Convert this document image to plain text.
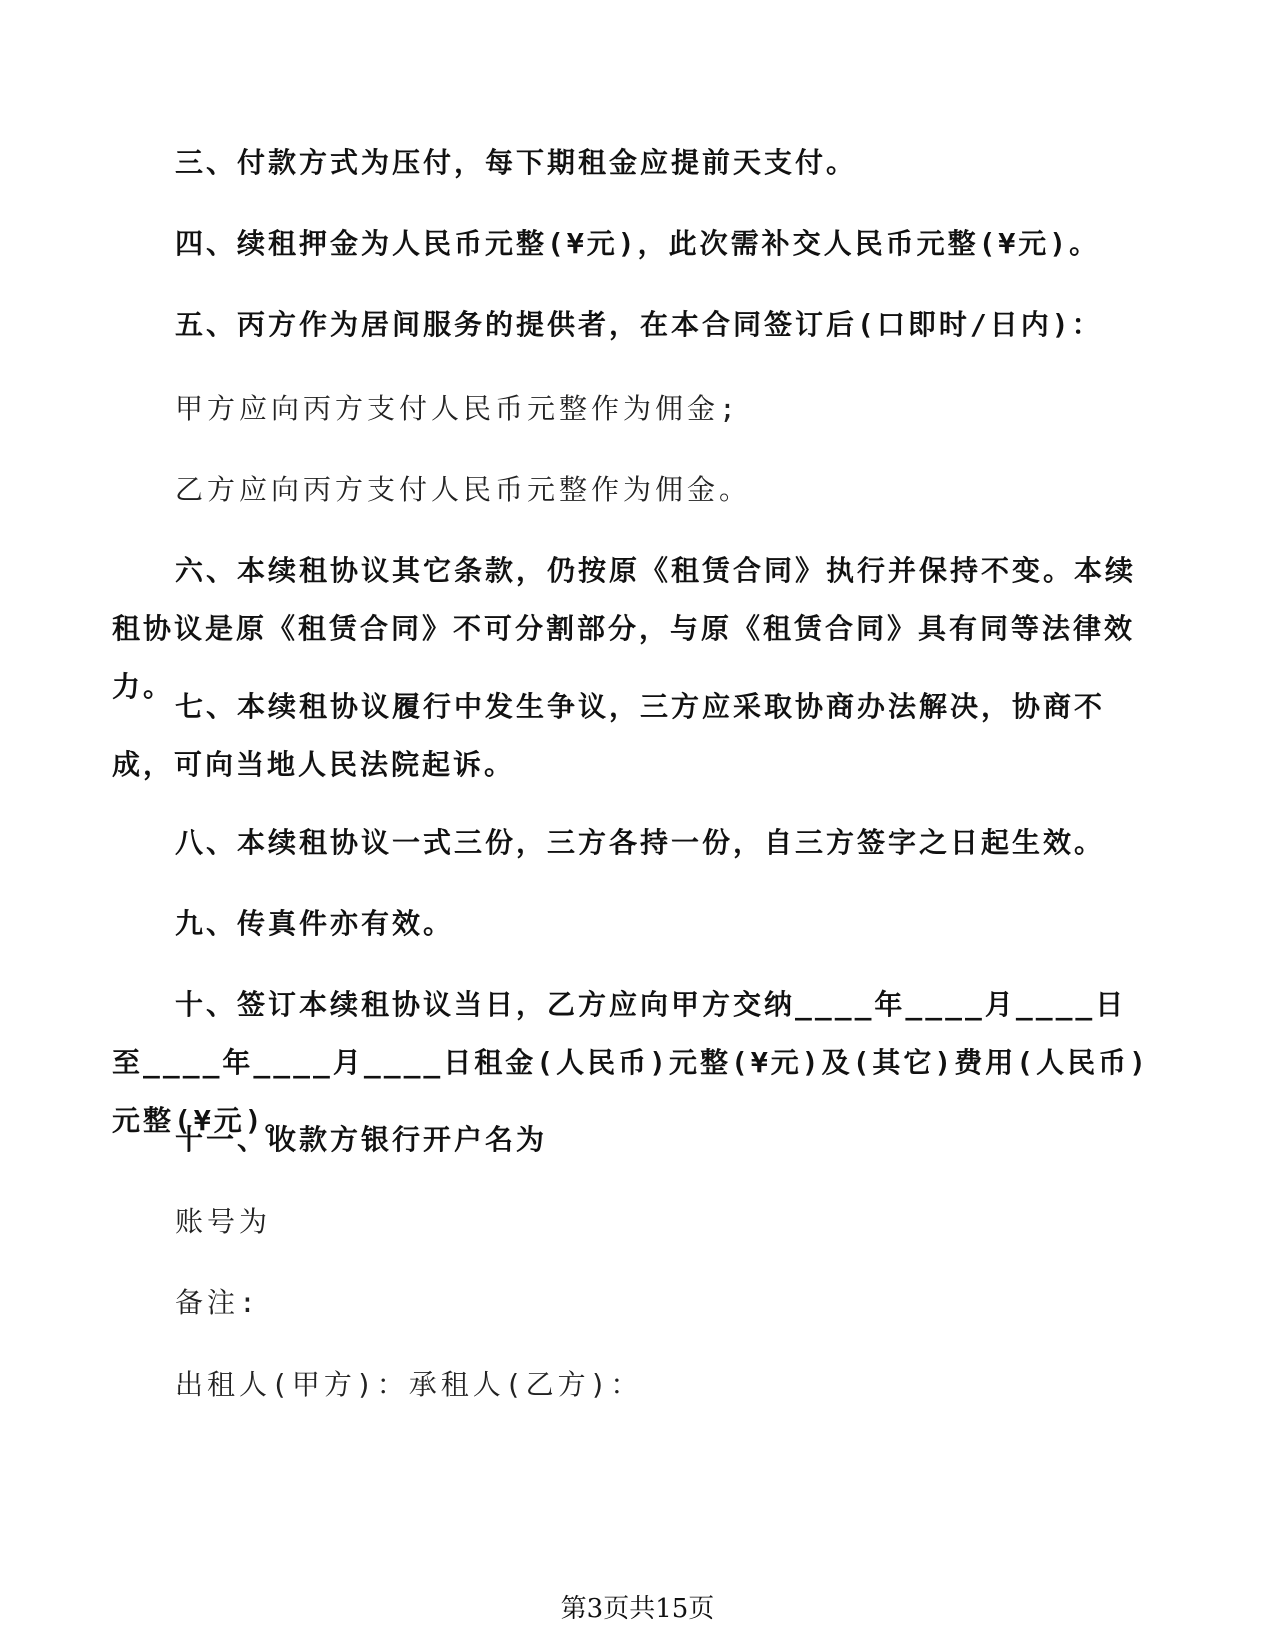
三、付款方式为压付，每下期租金应提前天支付。

四、续租押金为人民币元整(¥元)，此次需补交人民币元整(¥元)。

五、丙方作为居间服务的提供者，在本合同签订后(口即时/日内)：

甲方应向丙方支付人民币元整作为佣金;

乙方应向丙方支付人民币元整作为佣金。

六、本续租协议其它条款，仍按原《租赁合同》执行并保持不变。本续租协议是原《租赁合同》不可分割部分，与原《租赁合同》具有同等法律效力。

七、本续租协议履行中发生争议，三方应采取协商办法解决，协商不成，可向当地人民法院起诉。

八、本续租协议一式三份，三方各持一份，自三方签字之日起生效。

九、传真件亦有效。

十、签订本续租协议当日，乙方应向甲方交纳____年____月____日至____年____月____日租金(人民币)元整(¥元)及(其它)费用(人民币)元整(¥元)。

十一、收款方银行开户名为

账号为

备注:

出租人(甲方)：承租人(乙方)：

第3页共15页
